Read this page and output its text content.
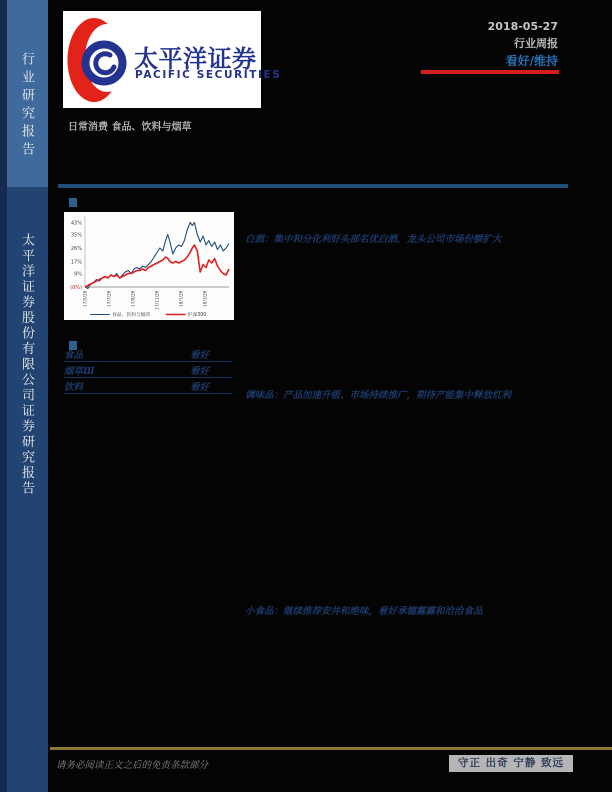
行业研究报告
太平洋证券股份有限公司证券研究报告
太平洋证券
PACIFIC SECURITIES
2018-05-27
行业周报
看好/维持
日常消费 食品、饮料与烟草
43%
35%
26%
17%
9%
(0%)
17/5/26	17/7/26	17/9/26	17/11/26	18/1/26	18/3/26
食品、饮料与烟草	沪深300
食品	看好
烟草Ⅲ	看好
饮料	看好
白酒：集中和分化利好头部名优白酒，龙头公司市场份额扩大
调味品：产品加速升级、市场持续推广，期待产能集中释放红利
小食品：继续推荐安井和绝味，看好承德露露和洽洽食品
请务必阅读正文之后的免责条款部分	守正 出奇 宁静 致远
